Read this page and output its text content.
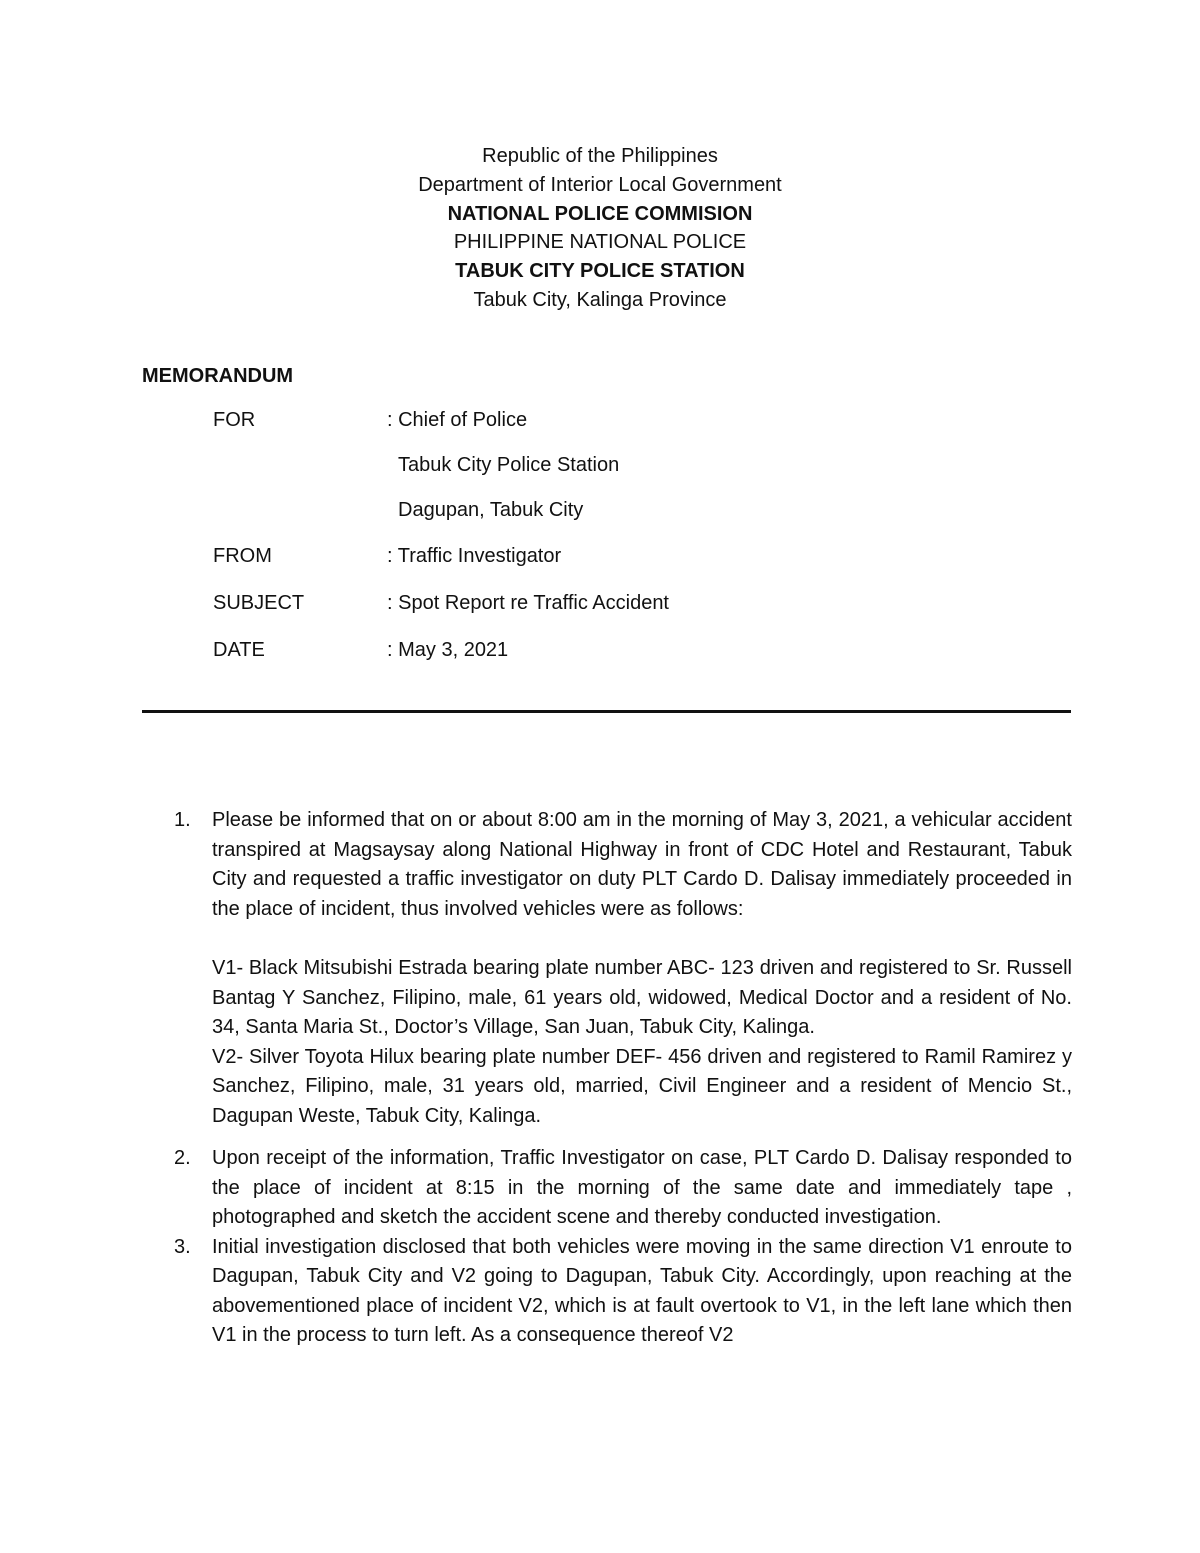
Republic of the Philippines
Department of Interior Local Government
NATIONAL POLICE COMMISION
PHILIPPINE NATIONAL POLICE
TABUK CITY POLICE STATION
Tabuk City, Kalinga Province
MEMORANDUM
FOR	: Chief of Police
Tabuk City Police Station
Dagupan, Tabuk City
FROM	: Traffic Investigator
SUBJECT	: Spot Report re Traffic Accident
DATE	: May 3, 2021
1. Please be informed that on or about 8:00 am in the morning of May 3, 2021, a vehicular accident transpired at Magsaysay along National Highway in front of CDC Hotel and Restaurant, Tabuk City and requested a traffic investigator on duty PLT Cardo D. Dalisay immediately proceeded in the place of incident, thus involved vehicles were as follows:

V1- Black Mitsubishi Estrada bearing plate number ABC- 123 driven and registered to Sr. Russell Bantag Y Sanchez, Filipino, male, 61 years old, widowed, Medical Doctor and a resident of No. 34, Santa Maria St., Doctor’s Village, San Juan, Tabuk City, Kalinga.

V2- Silver Toyota Hilux bearing plate number DEF- 456 driven and registered to Ramil Ramirez y Sanchez, Filipino, male, 31 years old, married, Civil Engineer and a resident of Mencio St., Dagupan Weste, Tabuk City, Kalinga.

2. Upon receipt of the information, Traffic Investigator on case, PLT Cardo D. Dalisay responded to the place of incident at 8:15 in the morning of the same date and immediately tape , photographed and sketch the accident scene and thereby conducted investigation.

3. Initial investigation disclosed that both vehicles were moving in the same direction V1 enroute to Dagupan, Tabuk City and V2 going to Dagupan, Tabuk City. Accordingly, upon reaching at the abovementioned place of incident V2, which is at fault overtook to V1, in the left lane which then V1 in the process to turn left. As a consequence thereof V2
